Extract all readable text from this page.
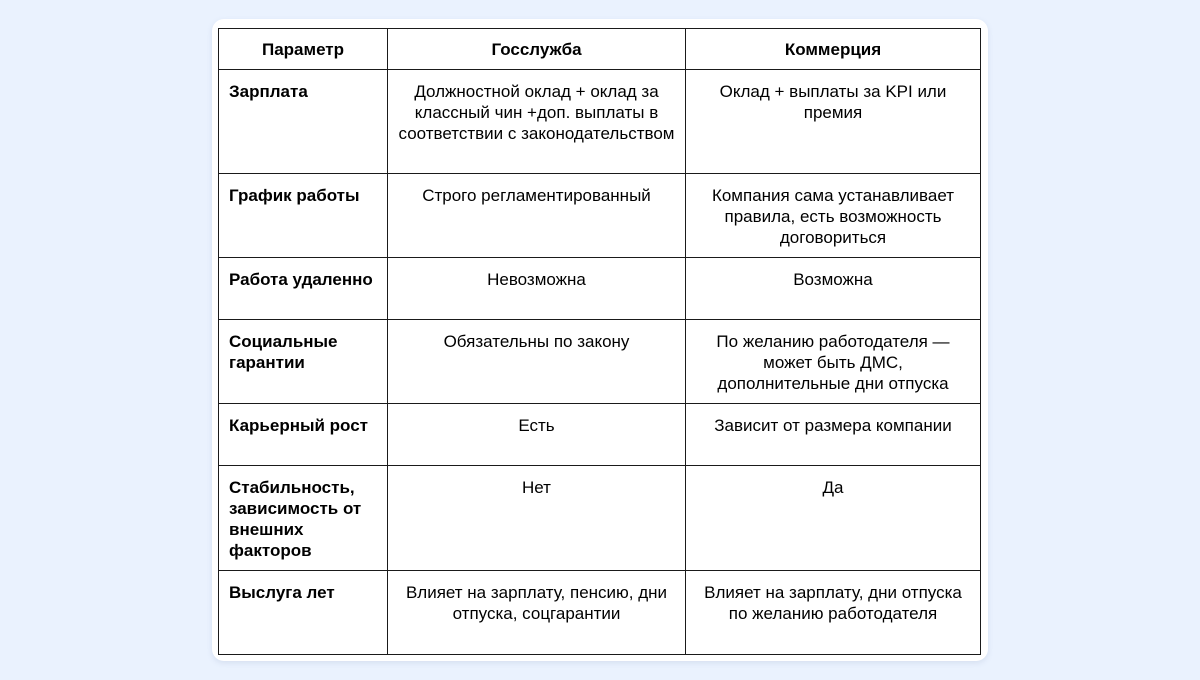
Параметр	Госслужба	Коммерция
Зарплата	Должностной оклад + оклад за классный чин +доп. выплаты в соответствии с законодательством	Оклад + выплаты за KPI или премия
График работы	Строго регламентированный	Компания сама устанавливает правила, есть возможность договориться
Работа удаленно	Невозможна	Возможна
Социальные гарантии	Обязательны по закону	По желанию работодателя — может быть ДМС, дополнительные дни отпуска
Карьерный рост	Есть	Зависит от размера компании
Стабильность, зависимость от внешних факторов	Нет	Да
Выслуга лет	Влияет на зарплату, пенсию, дни отпуска, соцгарантии	Влияет на зарплату, дни отпуска по желанию работодателя
